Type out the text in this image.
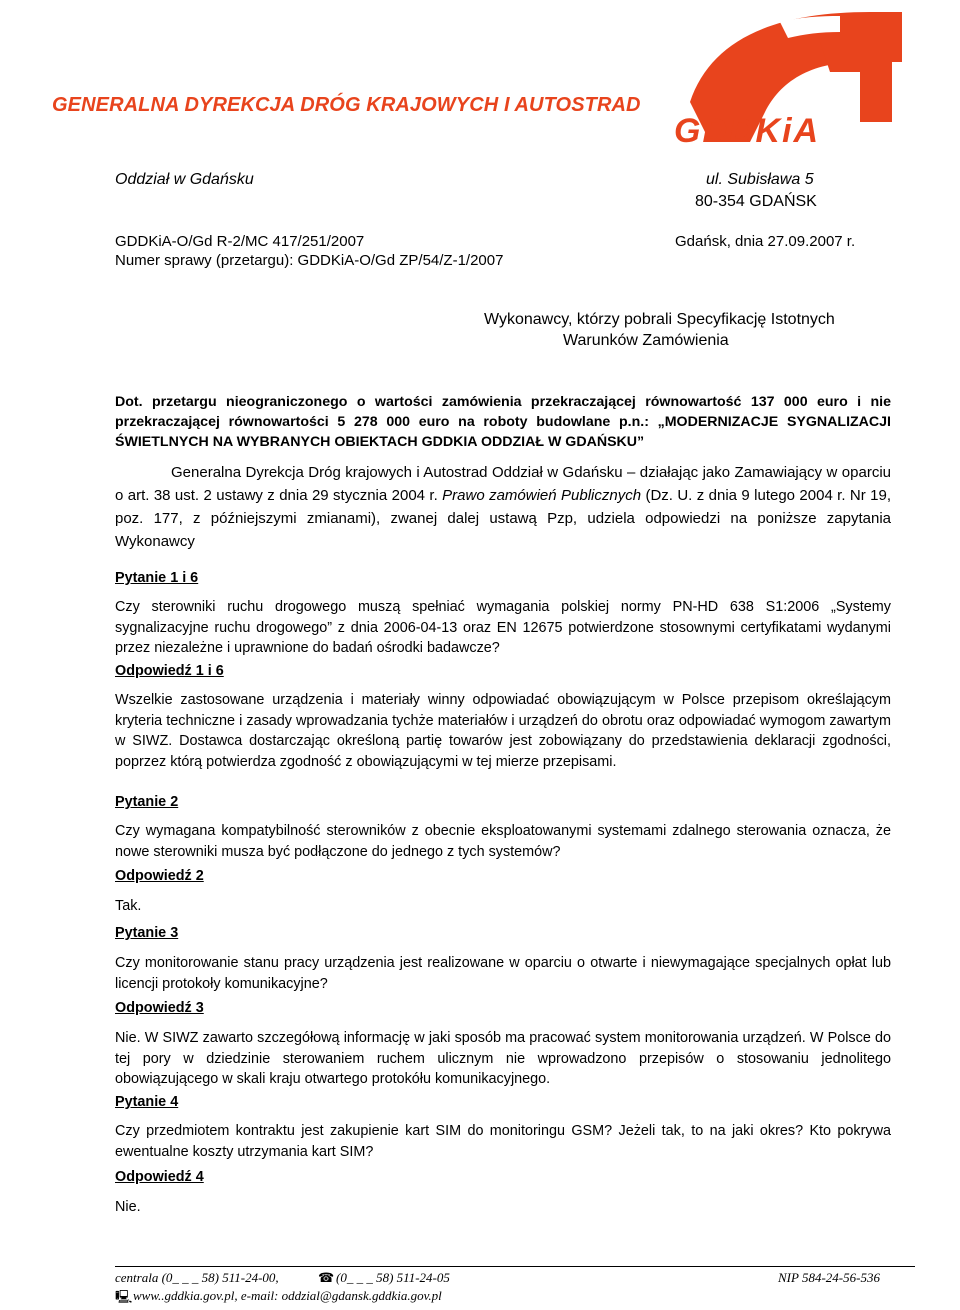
GENERALNA DYREKCJA DRÓG KRAJOWYCH I AUTOSTRAD
GDDKiA
Oddział w Gdańsku	ul. Subisława 5
80-354 GDAŃSK
GDDKiA-O/Gd R-2/MC 417/251/2007	Gdańsk, dnia 27.09.2007 r.
Numer sprawy (przetargu): GDDKiA-O/Gd ZP/54/Z-1/2007
Wykonawcy, którzy pobrali Specyfikację Istotnych
Warunków Zamówienia
Dot. przetargu nieograniczonego o wartości zamówienia przekraczającej równowartość 137 000 euro i nie przekraczającej równowartości 5 278 000 euro na roboty budowlane p.n.: „MODERNIZACJE SYGNALIZACJI ŚWIETLNYCH NA WYBRANYCH OBIEKTACH GDDKIA ODDZIAŁ W GDAŃSKU”
Generalna Dyrekcja Dróg krajowych i Autostrad Oddział w Gdańsku – działając jako Zamawiający w oparciu o art. 38 ust. 2 ustawy z dnia 29 stycznia 2004 r. Prawo zamówień Publicznych (Dz. U. z dnia 9 lutego 2004 r. Nr 19, poz. 177, z późniejszymi zmianami), zwanej dalej ustawą Pzp, udziela odpowiedzi na poniższe zapytania Wykonawcy
Pytanie 1 i 6
Czy sterowniki ruchu drogowego muszą spełniać wymagania polskiej normy PN-HD 638 S1:2006 „Systemy sygnalizacyjne ruchu drogowego” z dnia 2006-04-13 oraz EN 12675 potwierdzone stosownymi certyfikatami wydanymi przez niezależne i uprawnione do badań ośrodki badawcze?
Odpowiedź 1 i 6
Wszelkie zastosowane urządzenia i materiały winny odpowiadać obowiązującym w Polsce przepisom określającym kryteria techniczne i zasady wprowadzania tychże materiałów i urządzeń do obrotu oraz odpowiadać wymogom zawartym w SIWZ. Dostawca dostarczając określoną partię towarów jest zobowiązany do przedstawienia deklaracji zgodności, poprzez którą potwierdza zgodność z obowiązującymi w tej mierze przepisami.
Pytanie 2
Czy wymagana kompatybilność sterowników z obecnie eksploatowanymi systemami zdalnego sterowania oznacza, że nowe sterowniki musza być podłączone do jednego z tych systemów?
Odpowiedź 2
Tak.
Pytanie 3
Czy monitorowanie stanu pracy urządzenia jest realizowane w oparciu o otwarte i niewymagające specjalnych opłat lub licencji protokoły komunikacyjne?
Odpowiedź 3
Nie. W SIWZ zawarto szczegółową informację w jaki sposób ma pracować system monitorowania urządzeń. W Polsce do tej pory w dziedzinie sterowaniem ruchem ulicznym nie wprowadzono przepisów o stosowaniu jednolitego obowiązującego w skali kraju otwartego protokółu komunikacyjnego.
Pytanie 4
Czy przedmiotem kontraktu jest zakupienie kart SIM do monitoringu GSM? Jeżeli tak, to na jaki okres? Kto pokrywa ewentualne koszty utrzymania kart SIM?
Odpowiedź 4
Nie.
centrala (0_ _ _ 58) 511-24-00,	☎ (0_ _ _ 58) 511-24-05	NIP 584-24-56-536
🖳 www..gddkia.gov.pl, e-mail: oddzial@gdansk.gddkia.gov.pl
